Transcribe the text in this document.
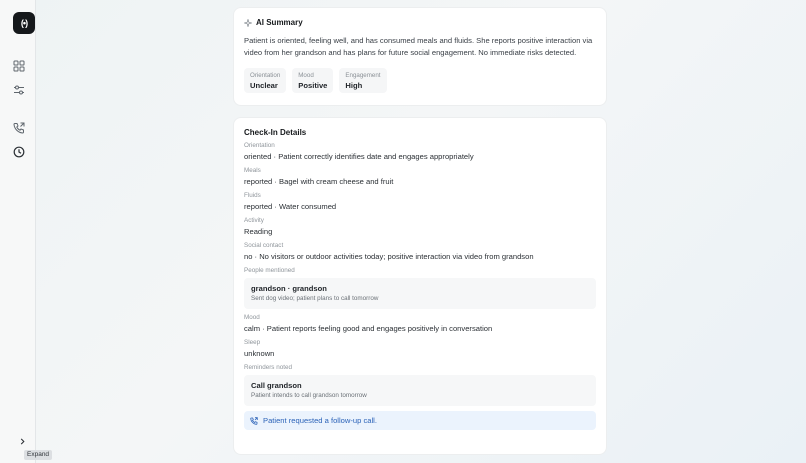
(•)
Expand
AI Summary
Patient is oriented, feeling well, and has consumed meals and fluids. She reports positive interaction via video from her grandson and has plans for future social engagement. No immediate risks detected.
Orientation
Unclear
Mood
Positive
Engagement
High
Check-In Details
Orientation
oriented · Patient correctly identifies date and engages appropriately
Meals
reported · Bagel with cream cheese and fruit
Fluids
reported · Water consumed
Activity
Reading
Social contact
no · No visitors or outdoor activities today; positive interaction via video from grandson
People mentioned
grandson · grandson
Sent dog video; patient plans to call tomorrow
Mood
calm · Patient reports feeling good and engages positively in conversation
Sleep
unknown
Reminders noted
Call grandson
Patient intends to call grandson tomorrow
Patient requested a follow-up call.
